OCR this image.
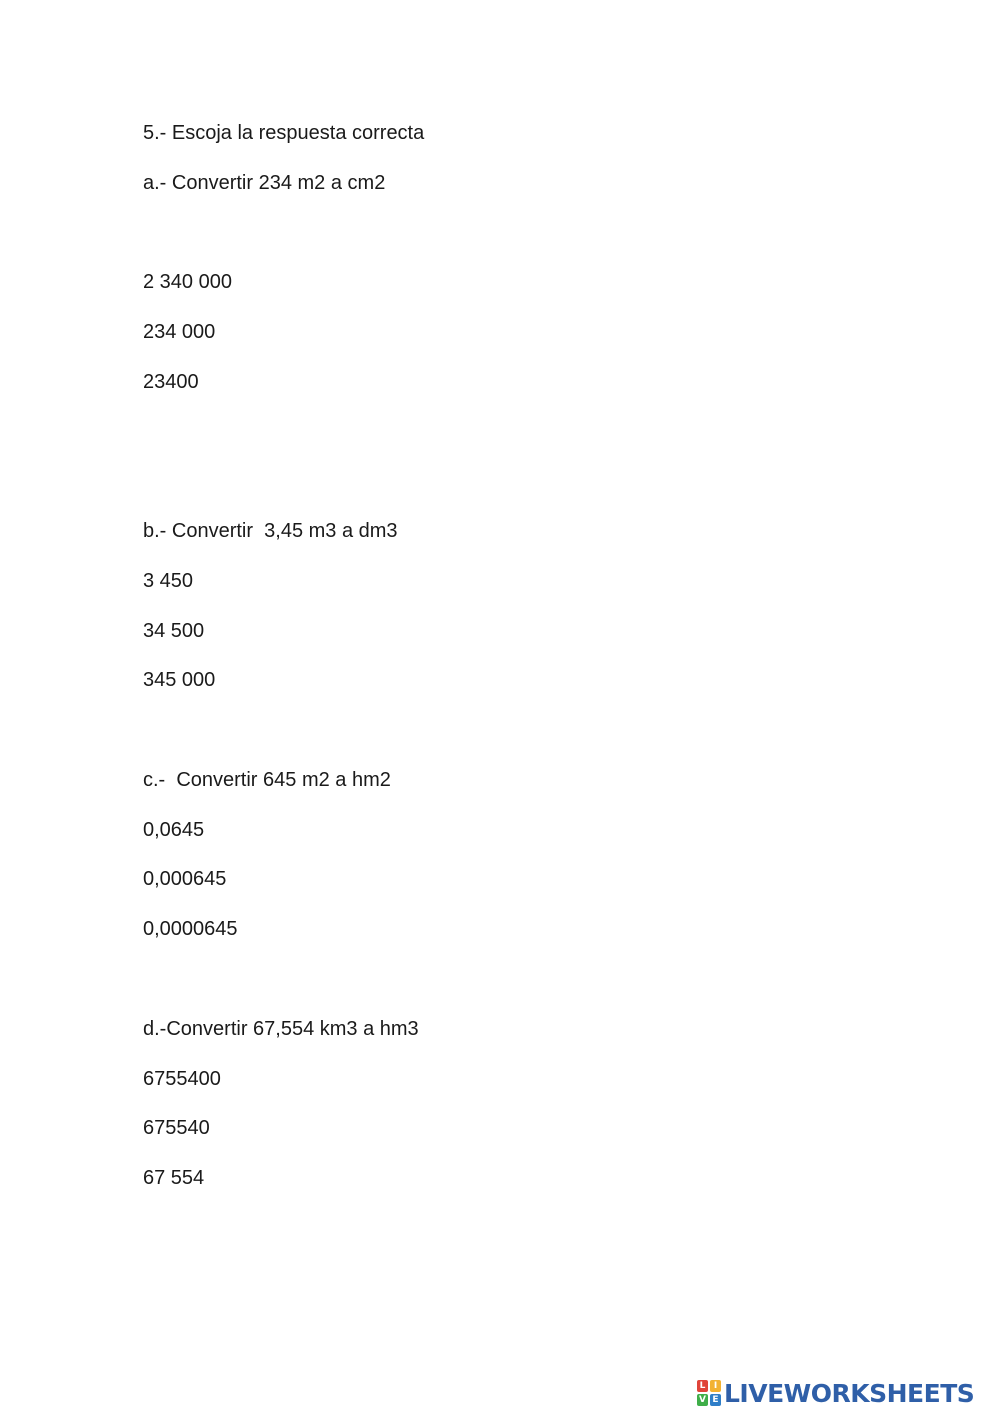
5.- Escoja la respuesta correcta
a.- Convertir 234 m2 a cm2
2 340 000
234 000
23400
b.- Convertir  3,45 m3 a dm3
3 450
34 500
345 000
c.-  Convertir 645 m2 a hm2
0,0645
0,000645
0,0000645
d.-Convertir 67,554 km3 a hm3
6755400
675540
67 554
L I
V E LIVEWORKSHEETS
